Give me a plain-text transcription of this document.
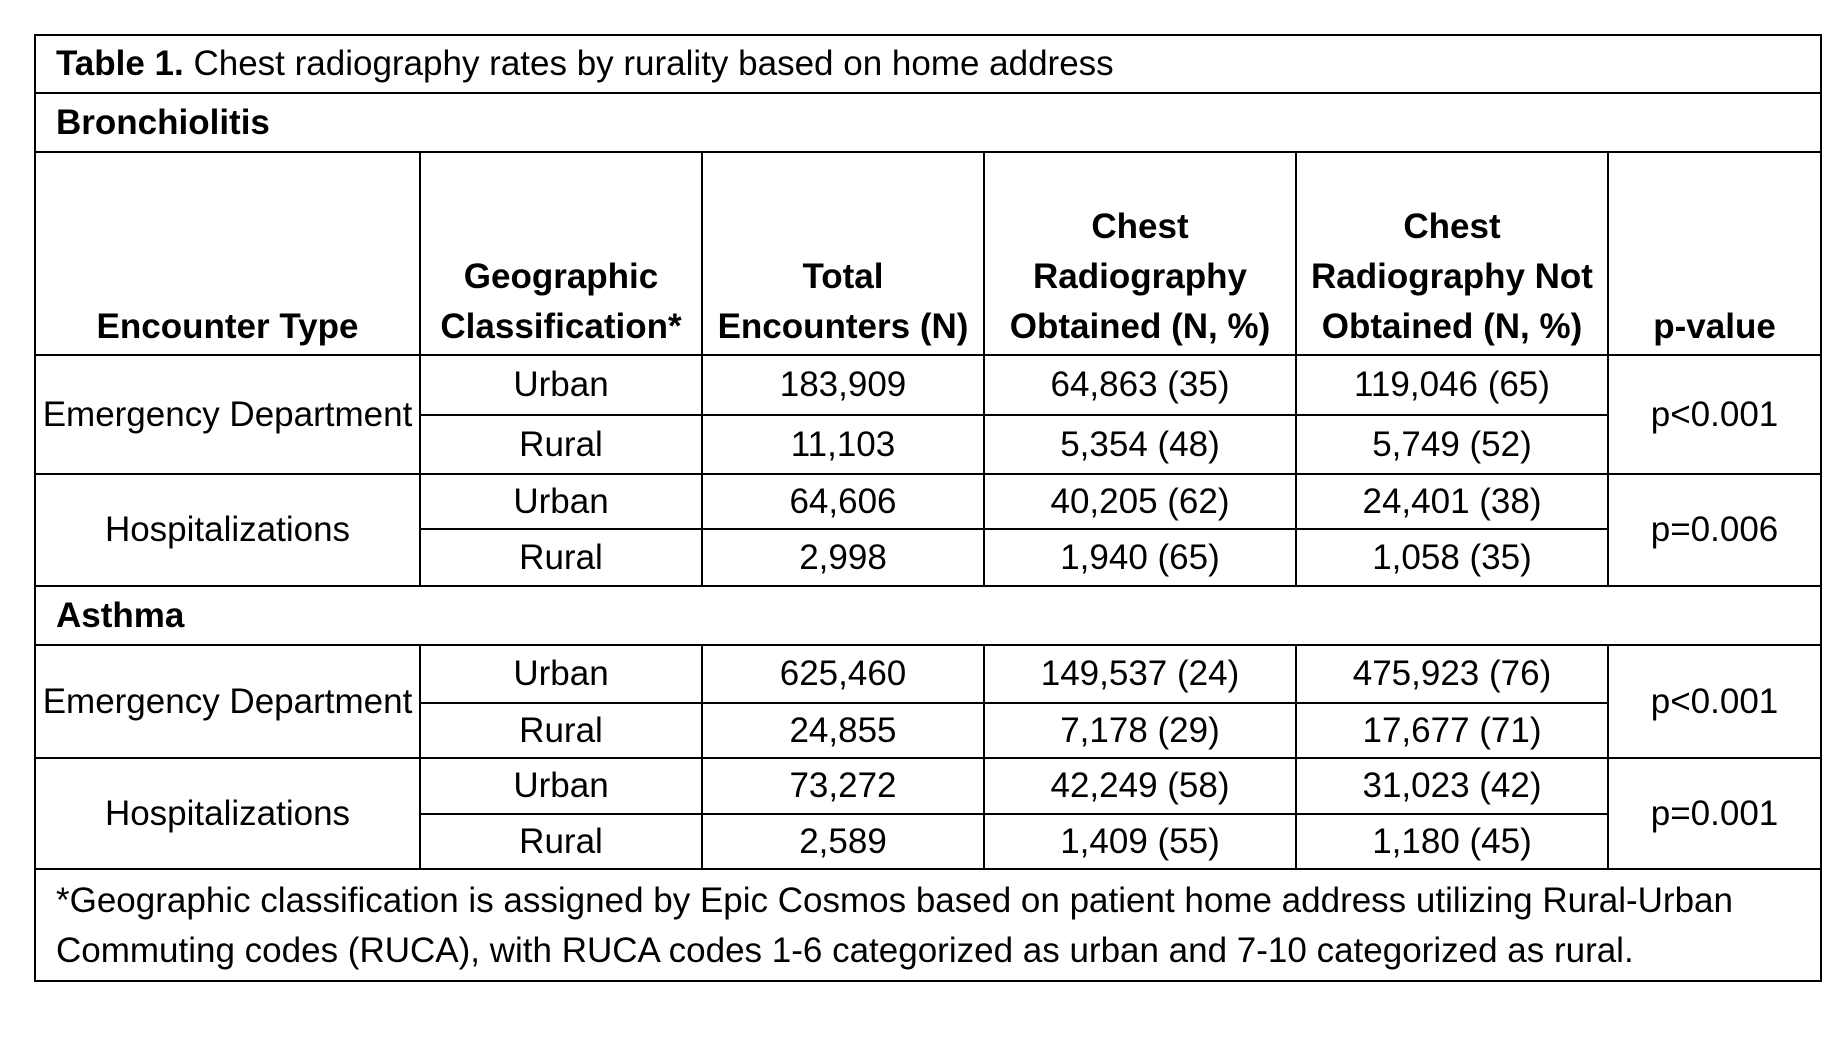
Table 1. Chest radiography rates by rurality based on home address					
Bronchiolitis					
Encounter Type	Geographic Classification*	Total Encounters (N)	Chest Radiography Obtained (N, %)	Chest Radiography Not Obtained (N, %)	p-value
Emergency Department	Urban	183,909	64,863 (35)	119,046 (65)	p<0.001
	Rural	11,103	5,354 (48)	5,749 (52)	
Hospitalizations	Urban	64,606	40,205 (62)	24,401 (38)	p=0.006
	Rural	2,998	1,940 (65)	1,058 (35)	
Asthma					
Emergency Department	Urban	625,460	149,537 (24)	475,923 (76)	p<0.001
	Rural	24,855	7,178 (29)	17,677 (71)	
Hospitalizations	Urban	73,272	42,249 (58)	31,023 (42)	p=0.001
	Rural	2,589	1,409 (55)	1,180 (45)	
*Geographic classification is assigned by Epic Cosmos based on patient home address utilizing Rural-Urban Commuting codes (RUCA), with RUCA codes 1-6 categorized as urban and 7-10 categorized as rural.					
